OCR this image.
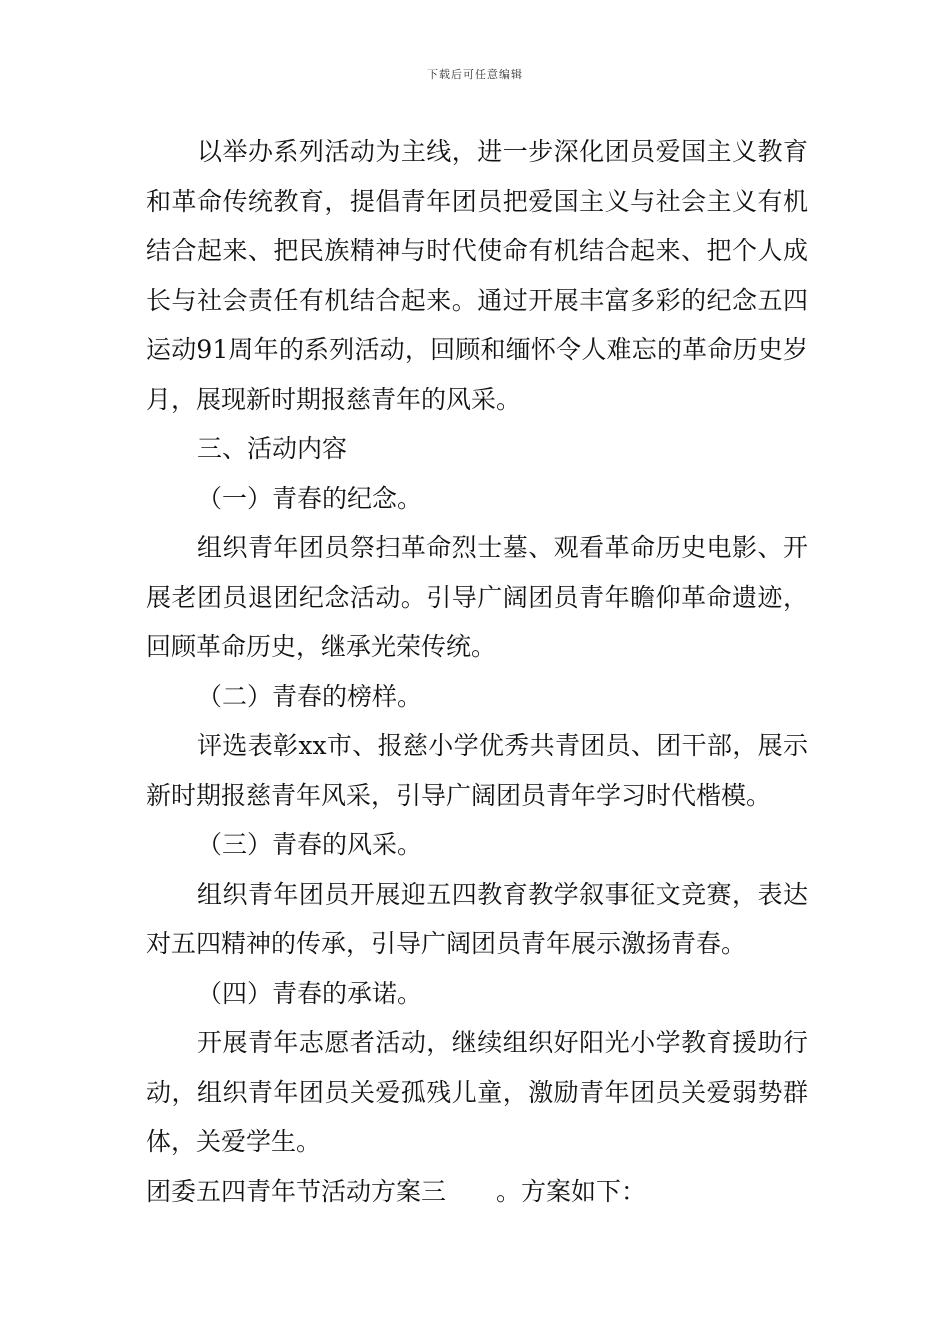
下载后可任意编辑

以举办系列活动为主线，进一步深化团员爱国主义教育和革命传统教育，提倡青年团员把爱国主义与社会主义有机结合起来、把民族精神与时代使命有机结合起来、把个人成长与社会责任有机结合起来。通过开展丰富多彩的纪念五四运动91周年的系列活动，回顾和缅怀令人难忘的革命历史岁月，展现新时期报慈青年的风采。

三、活动内容

（一）青春的纪念。

组织青年团员祭扫革命烈士墓、观看革命历史电影、开展老团员退团纪念活动。引导广阔团员青年瞻仰革命遗迹，回顾革命历史，继承光荣传统。

（二）青春的榜样。

评选表彰xx市、报慈小学优秀共青团员、团干部，展示新时期报慈青年风采，引导广阔团员青年学习时代楷模。

（三）青春的风采。

组织青年团员开展迎五四教育教学叙事征文竞赛，表达对五四精神的传承，引导广阔团员青年展示激扬青春。

（四）青春的承诺。

开展青年志愿者活动，继续组织好阳光小学教育援助行动，组织青年团员关爱孤残儿童，激励青年团员关爱弱势群体，关爱学生。

团委五四青年节活动方案三　　。方案如下：
